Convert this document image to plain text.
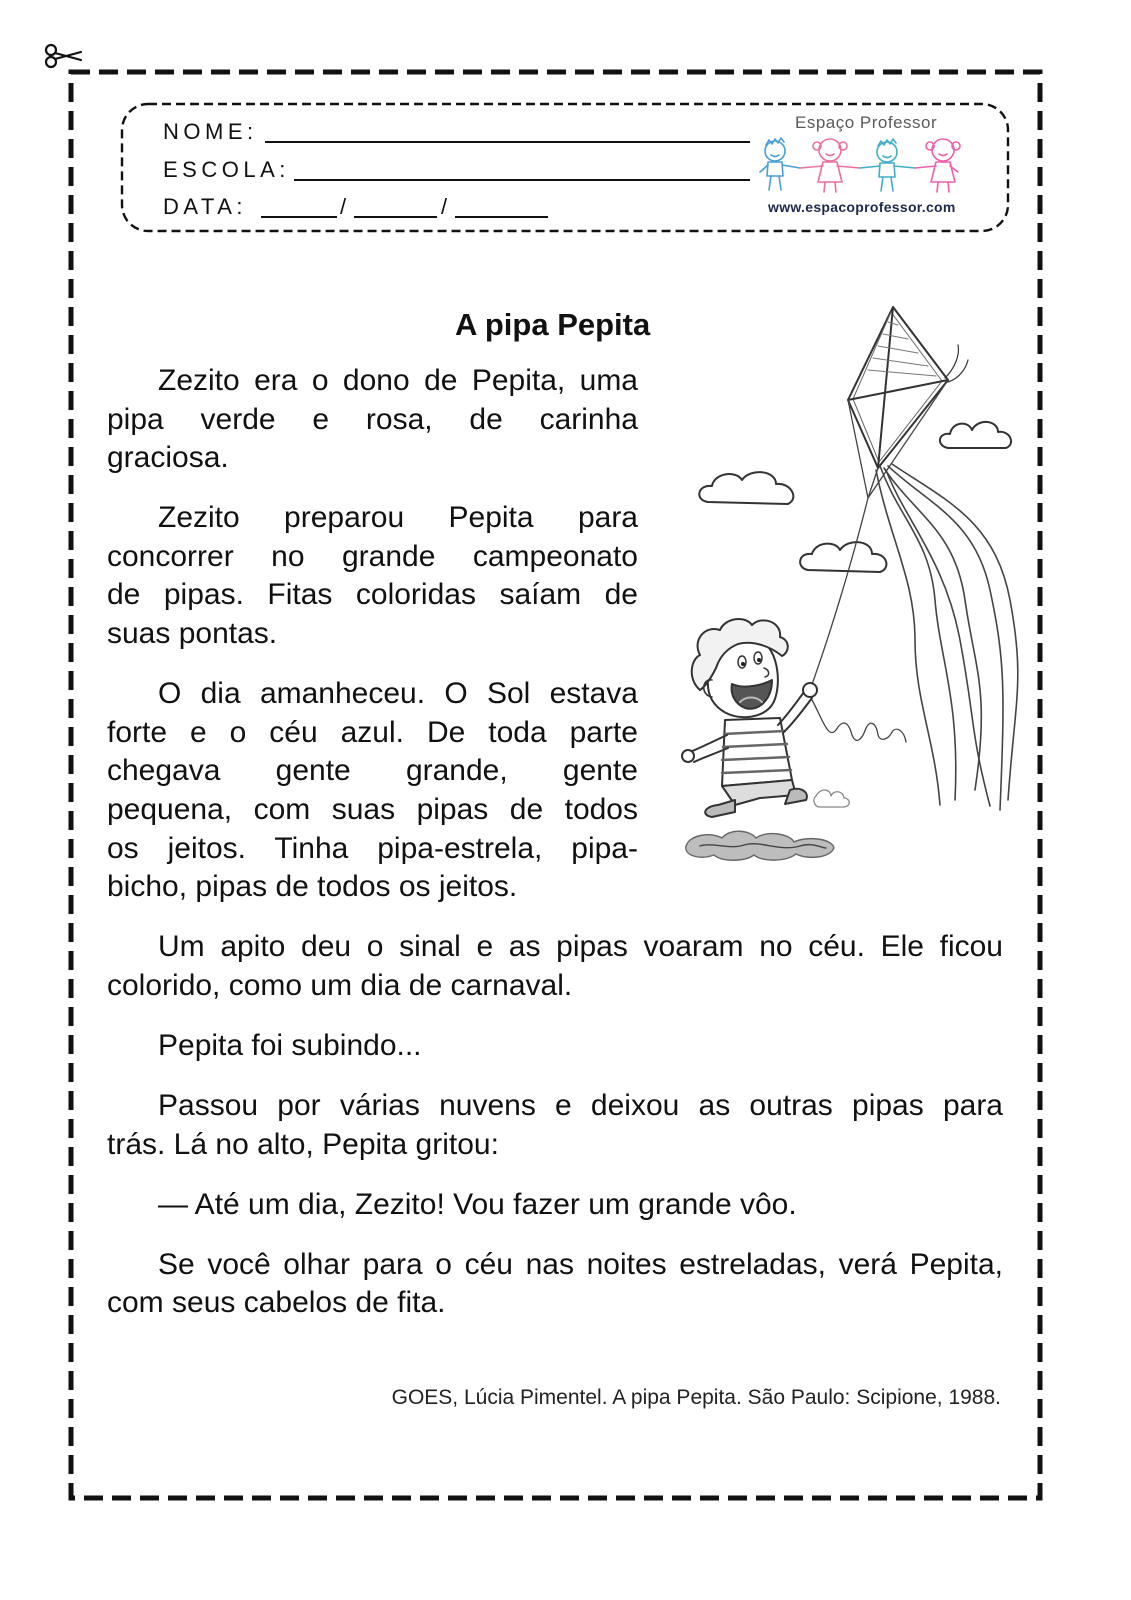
NOME:
ESCOLA:
DATA:	/	/
Espaço Professor
www.espacoprofessor.com
A pipa Pepita
Zezito era o dono de Pepita, uma
pipa verde e rosa, de carinha
graciosa.
Zezito preparou Pepita para
concorrer no grande campeonato
de pipas. Fitas coloridas saíam de
suas pontas.
O dia amanheceu. O Sol estava
forte e o céu azul. De toda parte
chegava gente grande, gente
pequena, com suas pipas de todos
os jeitos. Tinha pipa-estrela, pipa-
bicho, pipas de todos os jeitos.
Um apito deu o sinal e as pipas voaram no céu. Ele ficou
colorido, como um dia de carnaval.
Pepita foi subindo...
Passou por várias nuvens e deixou as outras pipas para
trás. Lá no alto, Pepita gritou:
— Até um dia, Zezito! Vou fazer um grande vôo.
Se você olhar para o céu nas noites estreladas, verá Pepita,
com seus cabelos de fita.
GOES, Lúcia Pimentel. A pipa Pepita. São Paulo: Scipione, 1988.
